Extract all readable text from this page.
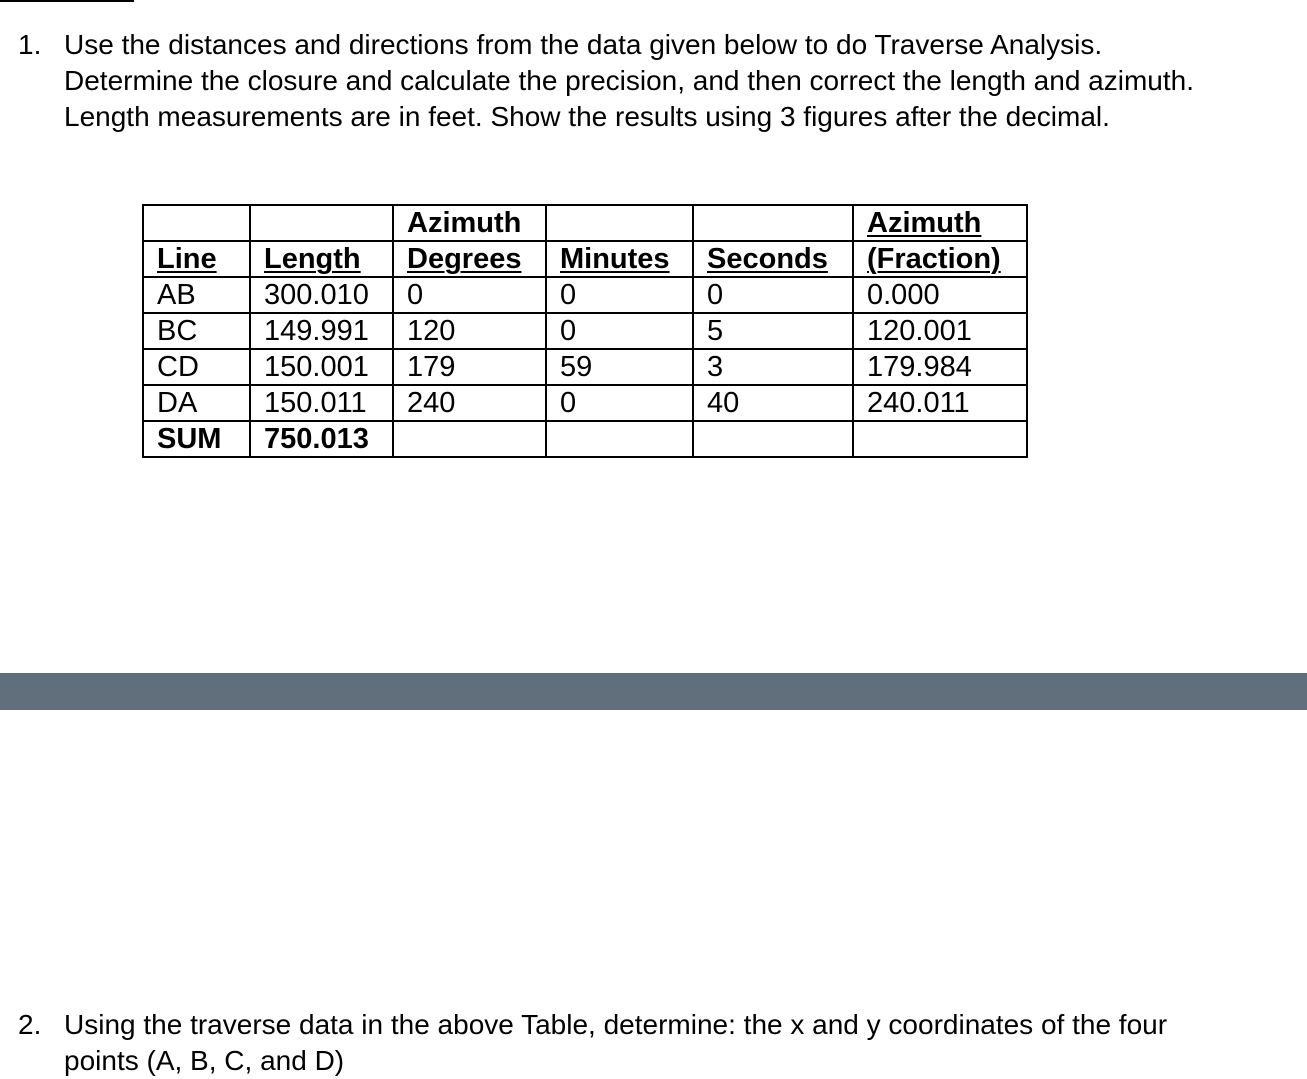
1. Use the distances and directions from the data given below to do Traverse Analysis. Determine the closure and calculate the precision, and then correct the length and azimuth. Length measurements are in feet. Show the results using 3 figures after the decimal.
		Azimuth			Azimuth
Line	Length	Degrees	Minutes	Seconds	(Fraction)
AB	300.010	0	0	0	0.000
BC	149.991	120	0	5	120.001
CD	150.001	179	59	3	179.984
DA	150.011	240	0	40	240.011
SUM	750.013				
2. Using the traverse data in the above Table, determine: the x and y coordinates of the four points (A, B, C, and D)
